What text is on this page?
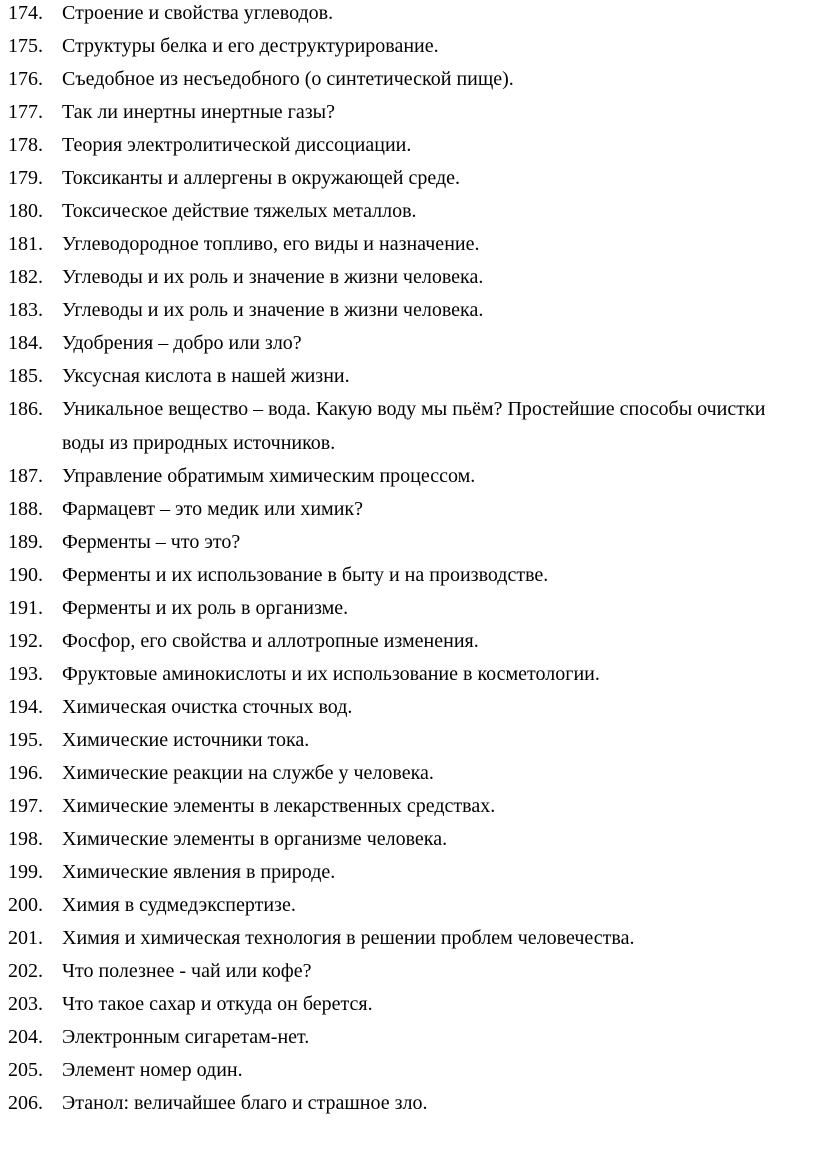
174. Строение и свойства углеводов.
175. Структуры белка и его деструктурирование.
176. Съедобное из несъедобного (о синтетической пище).
177. Так ли инертны инертные газы?
178. Теория электролитической диссоциации.
179. Токсиканты и аллергены в окружающей среде.
180. Токсическое действие тяжелых металлов.
181. Углеводородное топливо, его виды и назначение.
182. Углеводы и их роль и значение в жизни человека.
183. Углеводы и их роль и значение в жизни человека.
184. Удобрения – добро или зло?
185. Уксусная кислота в нашей жизни.
186. Уникальное вещество – вода. Какую воду мы пьём? Простейшие способы очистки воды из природных источников.
187. Управление обратимым химическим процессом.
188. Фармацевт – это медик или химик?
189. Ферменты – что это?
190. Ферменты и их использование в быту и на производстве.
191. Ферменты и их роль в организме.
192. Фосфор, его свойства и аллотропные изменения.
193. Фруктовые аминокислоты и их использование в косметологии.
194. Химическая очистка сточных вод.
195. Химические источники тока.
196. Химические реакции на службе у человека.
197. Химические элементы в лекарственных средствах.
198. Химические элементы в организме человека.
199. Химические явления в природе.
200. Химия в судмедэкспертизе.
201. Химия и химическая технология в решении проблем человечества.
202. Что полезнее - чай или кофе?
203. Что такое сахар и откуда он берется.
204. Электронным сигаретам-нет.
205. Элемент номер один.
206. Этанол: величайшее благо и страшное зло.
